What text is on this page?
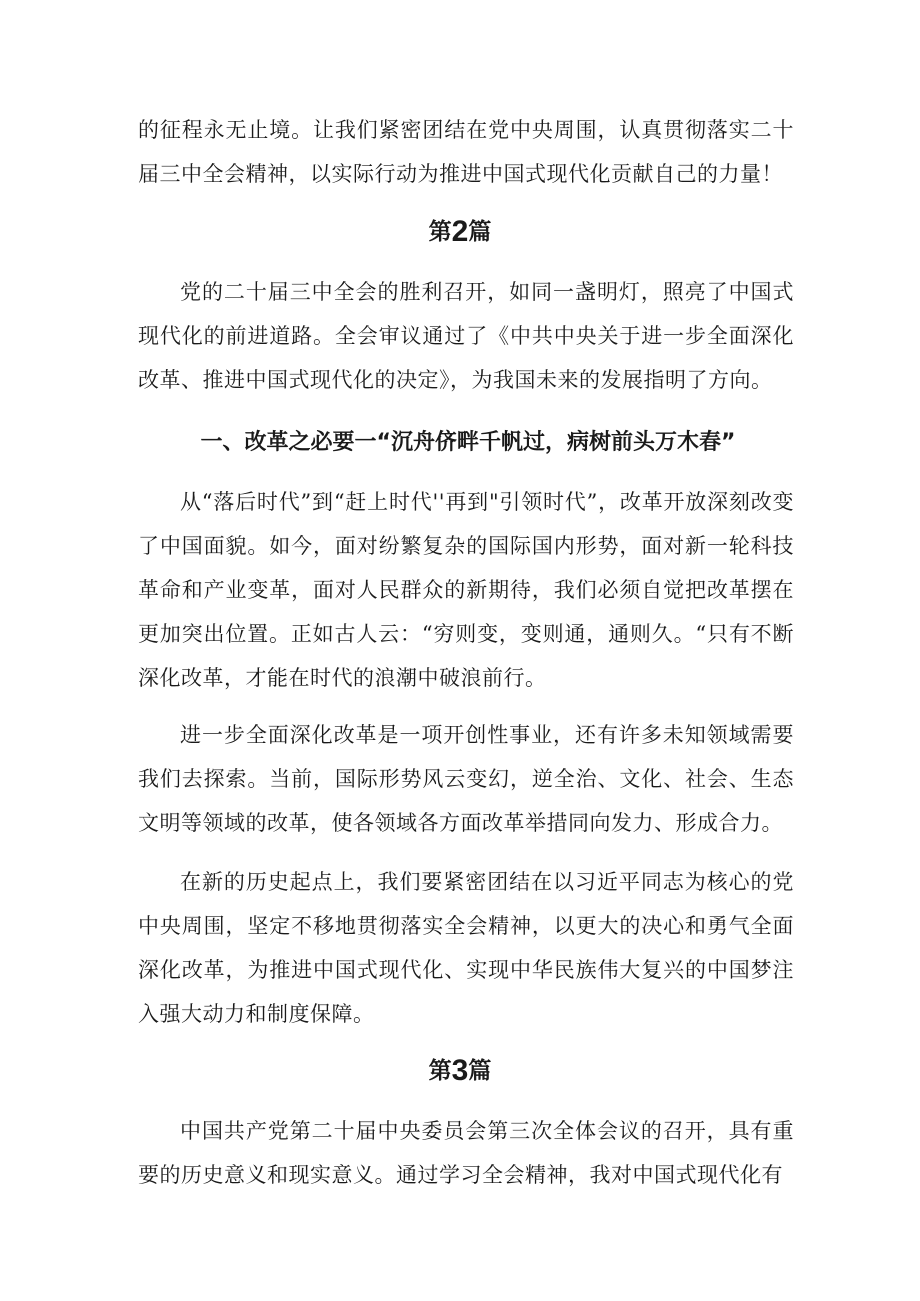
的征程永无止境。让我们紧密团结在党中央周围，认真贯彻落实二十届三中全会精神，以实际行动为推进中国式现代化贡献自己的力量！

第2篇

党的二十届三中全会的胜利召开，如同一盏明灯，照亮了中国式现代化的前进道路。全会审议通过了《中共中央关于进一步全面深化改革、推进中国式现代化的决定》，为我国未来的发展指明了方向。

一、改革之必要一“沉舟侪畔千帆过，病树前头万木春”

从“落后时代”到“赶上时代''再到"引领时代”，改革开放深刻改变了中国面貌。如今，面对纷繁复杂的国际国内形势，面对新一轮科技革命和产业变革，面对人民群众的新期待，我们必须自觉把改革摆在更加突出位置。正如古人云：“穷则变，变则通，通则久。“只有不断深化改革，才能在时代的浪潮中破浪前行。

进一步全面深化改革是一项开创性事业，还有许多未知领域需要我们去探索。当前，国际形势风云变幻，逆全治、文化、社会、生态文明等领域的改革，使各领域各方面改革举措同向发力、形成合力。

在新的历史起点上，我们要紧密团结在以习近平同志为核心的党中央周围，坚定不移地贯彻落实全会精神，以更大的决心和勇气全面深化改革，为推进中国式现代化、实现中华民族伟大复兴的中国梦注入强大动力和制度保障。

第3篇

中国共产党第二十届中央委员会第三次全体会议的召开，具有重要的历史意义和现实意义。通过学习全会精神，我对中国式现代化有
